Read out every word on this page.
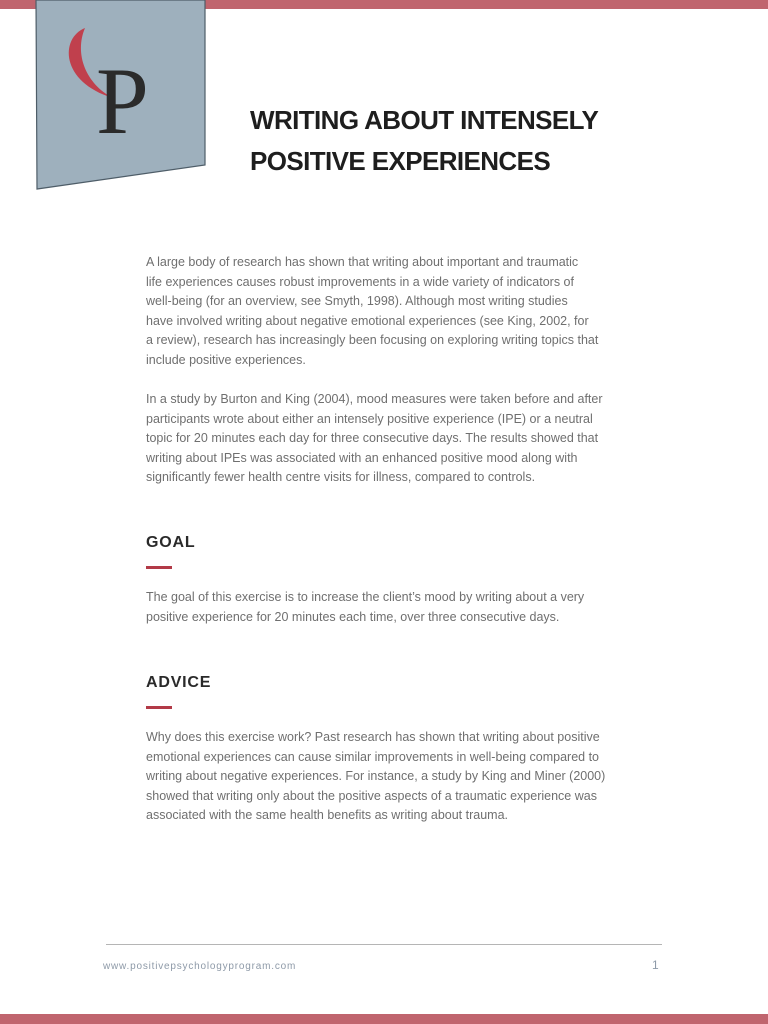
P	WRITING ABOUT INTENSELY
POSITIVE EXPERIENCES

A large body of research has shown that writing about important and traumatic
life experiences causes robust improvements in a wide variety of indicators of
well-being (for an overview, see Smyth, 1998). Although most writing studies
have involved writing about negative emotional experiences (see King, 2002, for
a review), research has increasingly been focusing on exploring writing topics that
include positive experiences.

In a study by Burton and King (2004), mood measures were taken before and after
participants wrote about either an intensely positive experience (IPE) or a neutral
topic for 20 minutes each day for three consecutive days. The results showed that
writing about IPEs was associated with an enhanced positive mood along with
significantly fewer health centre visits for illness, compared to controls.

GOAL

The goal of this exercise is to increase the client’s mood by writing about a very
positive experience for 20 minutes each time, over three consecutive days.

ADVICE

Why does this exercise work? Past research has shown that writing about positive
emotional experiences can cause similar improvements in well-being compared to
writing about negative experiences. For instance, a study by King and Miner (2000)
showed that writing only about the positive aspects of a traumatic experience was
associated with the same health benefits as writing about trauma.

www.positivepsychologyprogram.com	1
